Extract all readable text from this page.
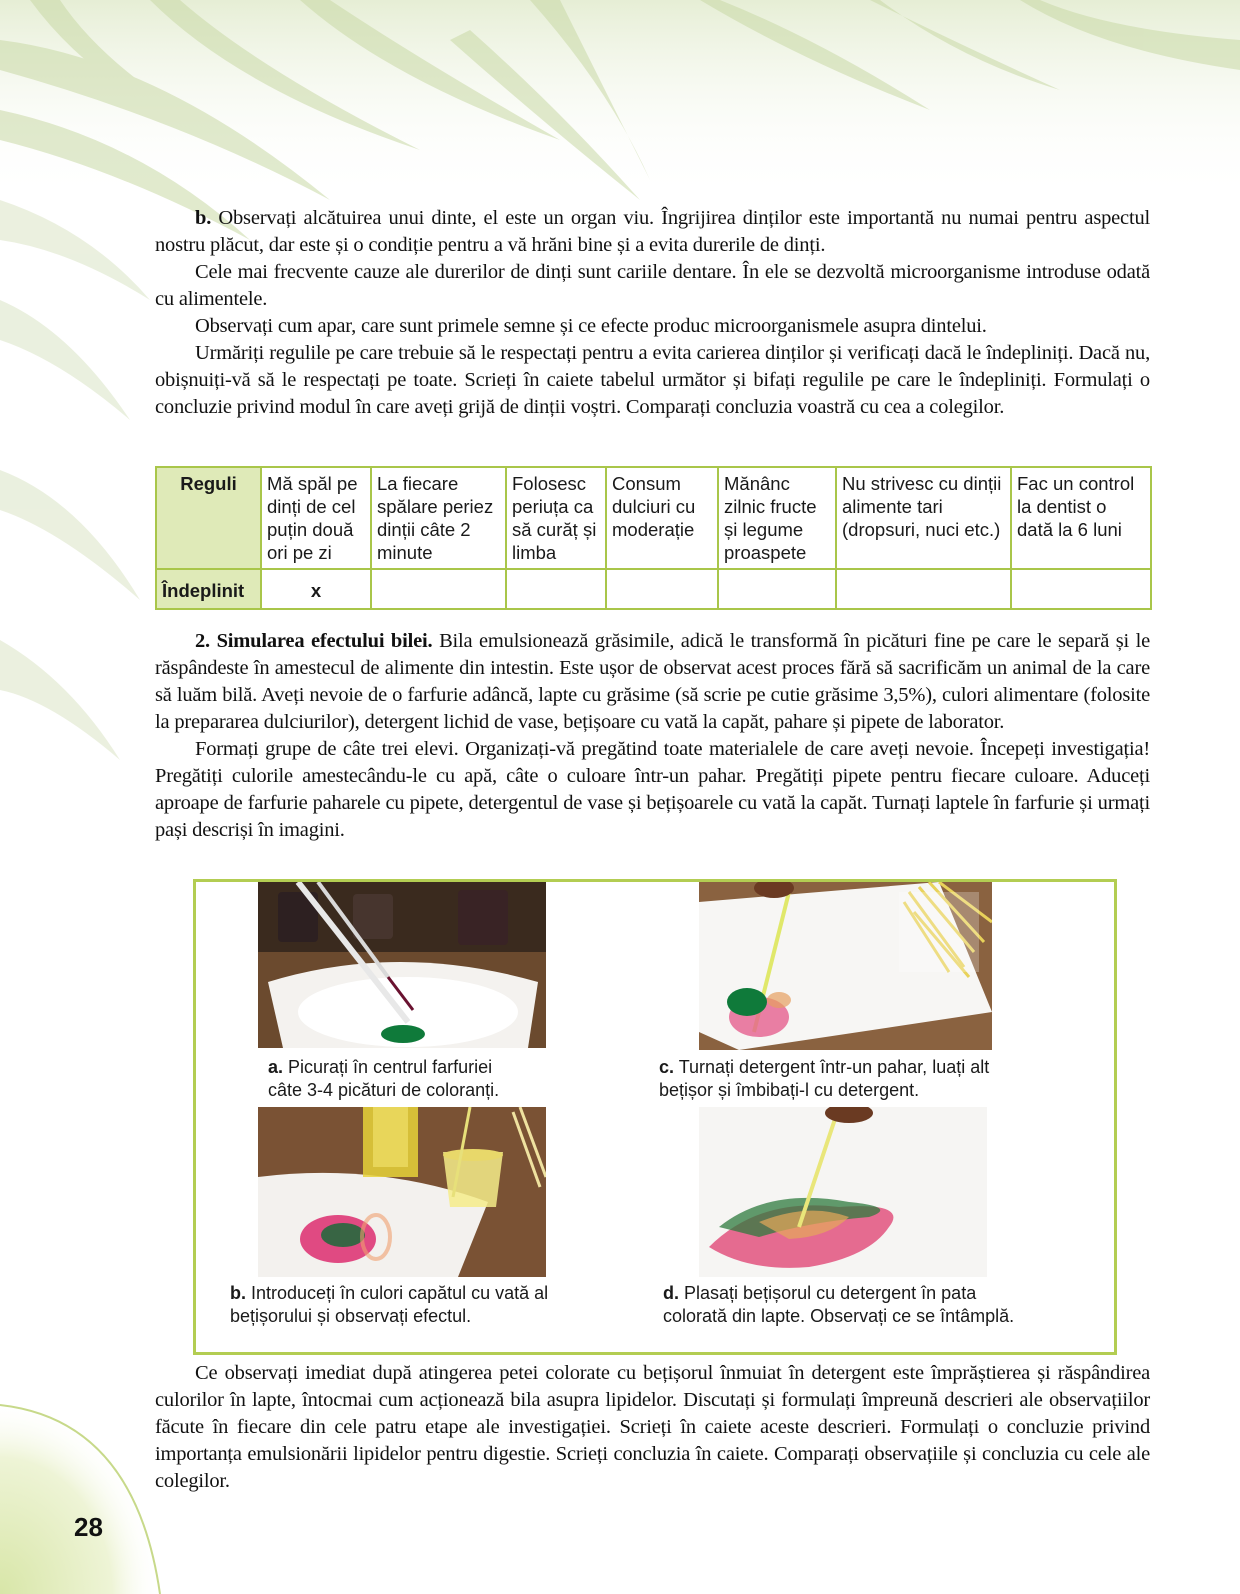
b. Observați alcătuirea unui dinte, el este un organ viu. Îngrijirea dinților este importantă nu numai pentru aspectul nostru plăcut, dar este și o condiție pentru a vă hrăni bine și a evita durerile de dinți.

Cele mai frecvente cauze ale durerilor de dinți sunt cariile dentare. În ele se dezvoltă microorganisme introduse odată cu alimentele.

Observați cum apar, care sunt primele semne și ce efecte produc microorganismele asupra dintelui.

Urmăriți regulile pe care trebuie să le respectați pentru a evita carierea dinților și verificați dacă le îndepliniți. Dacă nu, obișnuiți-vă să le respectați pe toate. Scrieți în caiete tabelul următor și bifați regulile pe care le îndepliniți. Formulați o concluzie privind modul în care aveți grijă de dinții voștri. Comparați concluzia voastră cu cea a colegilor.

Reguli	Mă spăl pe dinți de cel puțin două ori pe zi	La fiecare spălare periez dinții câte 2 minute	Folosesc periuța ca să curăț și limba	Consum dulciuri cu moderație	Mănânc zilnic fructe și legume proaspete	Nu strivesc cu dinții alimente tari (dropsuri, nuci etc.)	Fac un control la dentist o dată la 6 luni
Îndeplinit	x						

2. Simularea efectului bilei. Bila emulsionează grăsimile, adică le transformă în picături fine pe care le separă și le răspândeste în amestecul de alimente din intestin. Este ușor de observat acest proces fără să sacrificăm un animal de la care să luăm bilă. Aveți nevoie de o farfurie adâncă, lapte cu grăsime (să scrie pe cutie grăsime 3,5%), culori alimentare (folosite la prepararea dulciurilor), detergent lichid de vase, bețișoare cu vată la capăt, pahare și pipete de laborator.

Formați grupe de câte trei elevi. Organizați-vă pregătind toate materialele de care aveți nevoie. Începeți investigația! Pregătiți culorile amestecându-le cu apă, câte o culoare într-un pahar. Pregătiți pipete pentru fiecare culoare. Aduceți aproape de farfurie paharele cu pipete, detergentul de vase și bețișoarele cu vată la capăt. Turnați laptele în farfurie și urmați pași descriși în imagini.

a. Picurați în centrul farfuriei
câte 3-4 picături de coloranți.
c. Turnați detergent într-un pahar, luați alt
bețișor și îmbibați-l cu detergent.
b. Introduceți în culori capătul cu vată al
bețișorului și observați efectul.
d. Plasați bețișorul cu detergent în pata
colorată din lapte. Observați ce se întâmplă.

Ce observați imediat după atingerea petei colorate cu bețișorul înmuiat în detergent este împrăștierea și răspândirea culorilor în lapte, întocmai cum acționează bila asupra lipidelor. Discutați și formulați împreună descrieri ale observațiilor făcute în fiecare din cele patru etape ale investigației. Scrieți în caiete aceste descrieri. Formulați o concluzie privind importanța emulsionării lipidelor pentru digestie. Scrieți concluzia în caiete. Comparați observațiile și concluzia cu cele ale colegilor.

28
